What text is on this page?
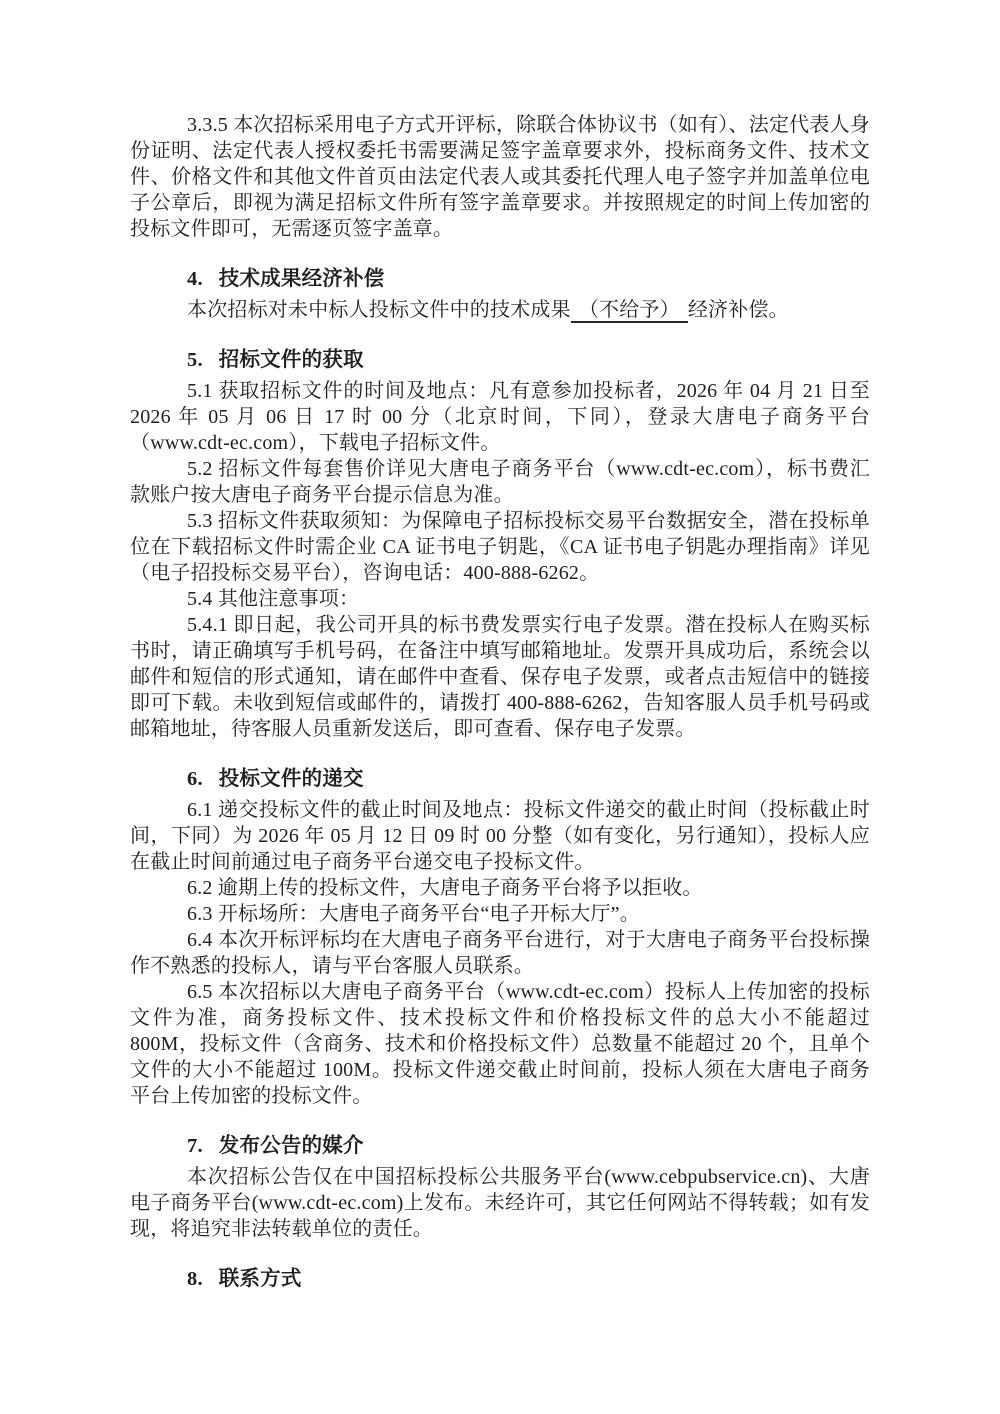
3.3.5 本次招标采用电子方式开评标，除联合体协议书（如有）、法定代表人身份证明、法定代表人授权委托书需要满足签字盖章要求外，投标商务文件、技术文件、价格文件和其他文件首页由法定代表人或其委托代理人电子签字并加盖单位电子公章后，即视为满足招标文件所有签字盖章要求。并按照规定的时间上传加密的投标文件即可，无需逐页签字盖章。

4. 技术成果经济补偿

本次招标对未中标人投标文件中的技术成果 （不给予） 经济补偿。

5. 招标文件的获取

5.1 获取招标文件的时间及地点：凡有意参加投标者，2026 年 04 月 21 日至 2026 年 05 月 06 日 17 时 00 分（北京时间，下同），登录大唐电子商务平台（www.cdt-ec.com），下载电子招标文件。

5.2 招标文件每套售价详见大唐电子商务平台（www.cdt-ec.com），标书费汇款账户按大唐电子商务平台提示信息为准。

5.3 招标文件获取须知：为保障电子招标投标交易平台数据安全，潜在投标单位在下载招标文件时需企业 CA 证书电子钥匙，《CA 证书电子钥匙办理指南》详见（电子招投标交易平台），咨询电话：400-888-6262。

5.4 其他注意事项：

5.4.1 即日起，我公司开具的标书费发票实行电子发票。潜在投标人在购买标书时，请正确填写手机号码，在备注中填写邮箱地址。发票开具成功后，系统会以邮件和短信的形式通知，请在邮件中查看、保存电子发票，或者点击短信中的链接即可下载。未收到短信或邮件的，请拨打 400-888-6262，告知客服人员手机号码或邮箱地址，待客服人员重新发送后，即可查看、保存电子发票。

6. 投标文件的递交

6.1 递交投标文件的截止时间及地点：投标文件递交的截止时间（投标截止时间，下同）为 2026 年 05 月 12 日 09 时 00 分整（如有变化，另行通知），投标人应在截止时间前通过电子商务平台递交电子投标文件。

6.2 逾期上传的投标文件，大唐电子商务平台将予以拒收。

6.3 开标场所：大唐电子商务平台“电子开标大厅”。

6.4 本次开标评标均在大唐电子商务平台进行，对于大唐电子商务平台投标操作不熟悉的投标人，请与平台客服人员联系。

6.5 本次招标以大唐电子商务平台（www.cdt-ec.com）投标人上传加密的投标文件为准，商务投标文件、技术投标文件和价格投标文件的总大小不能超过 800M，投标文件（含商务、技术和价格投标文件）总数量不能超过 20 个，且单个文件的大小不能超过 100M。投标文件递交截止时间前，投标人须在大唐电子商务平台上传加密的投标文件。

7. 发布公告的媒介

本次招标公告仅在中国招标投标公共服务平台(www.cebpubservice.cn)、大唐电子商务平台(www.cdt-ec.com)上发布。未经许可，其它任何网站不得转载；如有发现，将追究非法转载单位的责任。

8. 联系方式
